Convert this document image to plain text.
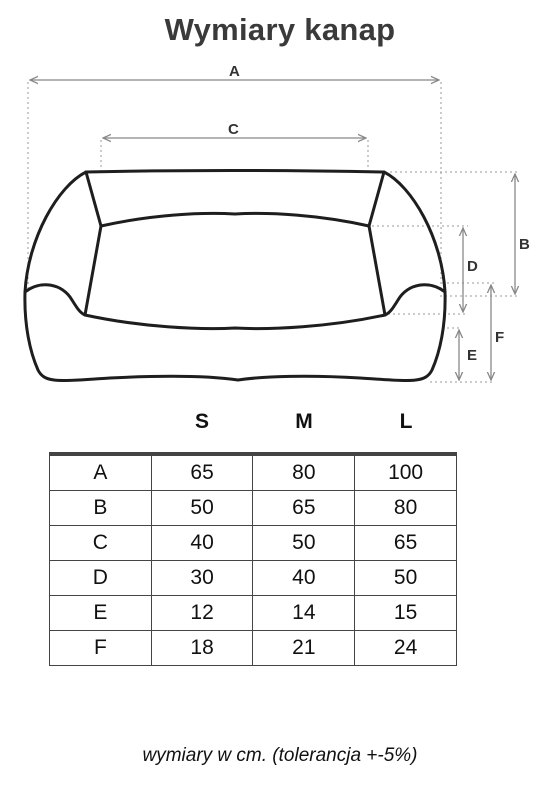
Wymiary kanap
A
C
B
D
F
E
S	M	L
A	65	80	100
B	50	65	80
C	40	50	65
D	30	40	50
E	12	14	15
F	18	21	24
wymiary w cm. (tolerancja +-5%)
